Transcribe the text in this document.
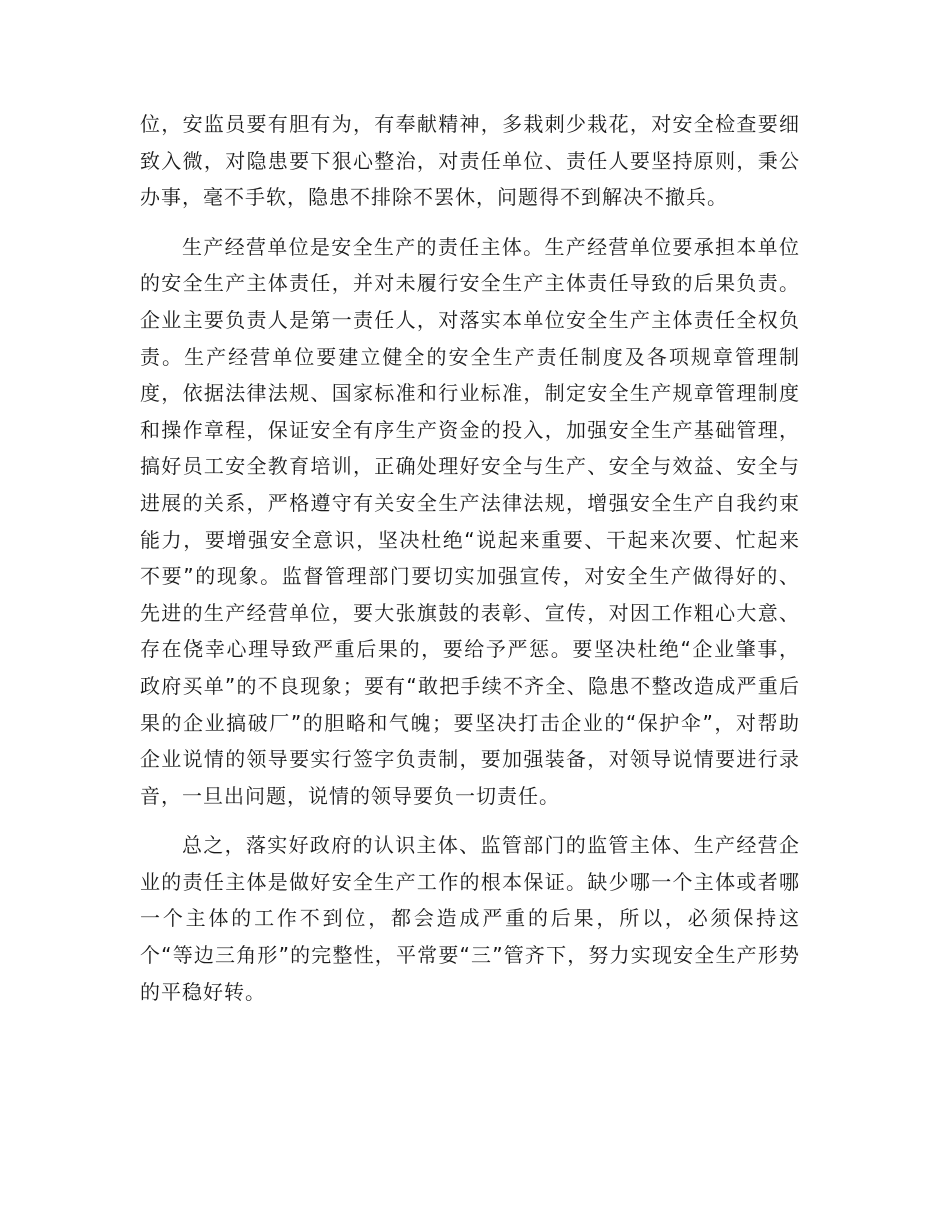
位，安监员要有胆有为，有奉献精神，多栽刺少栽花，对安全检查要细致入微，对隐患要下狠心整治，对责任单位、责任人要坚持原则，秉公办事，毫不手软，隐患不排除不罢休，问题得不到解决不撤兵。

生产经营单位是安全生产的责任主体。生产经营单位要承担本单位的安全生产主体责任，并对未履行安全生产主体责任导致的后果负责。企业主要负责人是第一责任人，对落实本单位安全生产主体责任全权负责。生产经营单位要建立健全的安全生产责任制度及各项规章管理制度，依据法律法规、国家标准和行业标准，制定安全生产规章管理制度和操作章程，保证安全有序生产资金的投入，加强安全生产基础管理，搞好员工安全教育培训，正确处理好安全与生产、安全与效益、安全与进展的关系，严格遵守有关安全生产法律法规，增强安全生产自我约束能力，要增强安全意识，坚决杜绝“说起来重要、干起来次要、忙起来不要”的现象。监督管理部门要切实加强宣传，对安全生产做得好的、先进的生产经营单位，要大张旗鼓的表彰、宣传，对因工作粗心大意、存在侥幸心理导致严重后果的，要给予严惩。要坚决杜绝“企业肇事，政府买单”的不良现象；要有“敢把手续不齐全、隐患不整改造成严重后果的企业搞破厂”的胆略和气魄；要坚决打击企业的“保护伞”，对帮助企业说情的领导要实行签字负责制，要加强装备，对领导说情要进行录音，一旦出问题，说情的领导要负一切责任。

总之，落实好政府的认识主体、监管部门的监管主体、生产经营企业的责任主体是做好安全生产工作的根本保证。缺少哪一个主体或者哪一个主体的工作不到位，都会造成严重的后果，所以，必须保持这个“等边三角形”的完整性，平常要“三”管齐下，努力实现安全生产形势的平稳好转。
